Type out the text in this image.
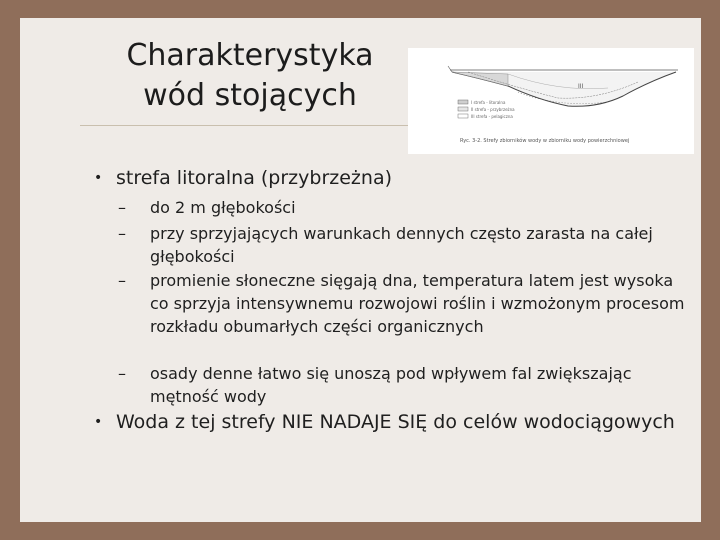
Charakterystyka
wód stojących	III
I strefa - litoralna
II strefa - przybrzeżna
III strefa - pelagiczna
Ryc. 3-2. Strefy zbiorników wody w zbiorniku wody powierzchniowej
• strefa litoralna (przybrzeżna)
– do 2 m głębokości
– przy sprzyjających warunkach dennych często zarasta na całej głębokości
– promienie słoneczne sięgają dna, temperatura latem jest wysoka co sprzyja intensywnemu rozwojowi roślin i wzmożonym procesom rozkładu obumarłych części organicznych
– osady denne łatwo się unoszą pod wpływem fal zwiększając mętność wody
• Woda z tej strefy NIE NADAJE SIĘ do celów wodociągowych
